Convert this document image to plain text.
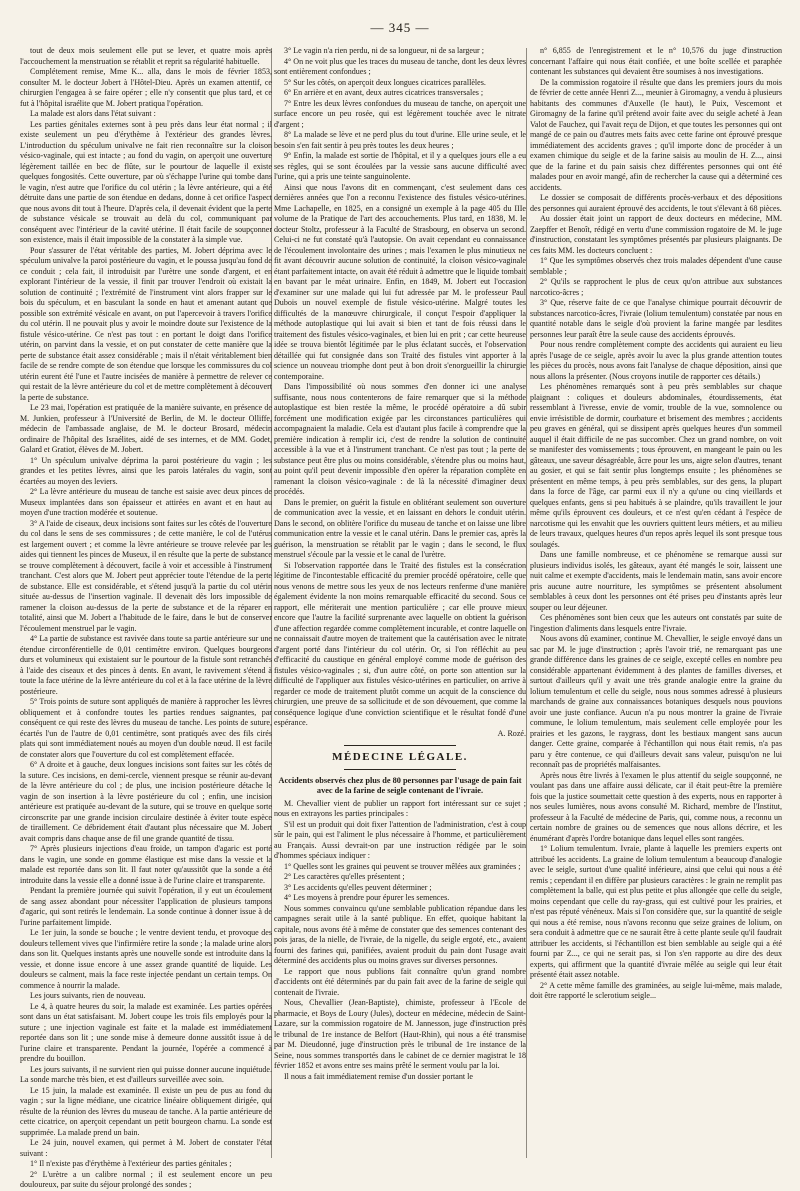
— 345 —

tout de deux mois seulement elle put se lever, et quatre mois après l'accouchement la menstruation se rétablit et reprit sa régularité habituelle.

Complétement remise, Mme K... alla, dans le mois de février 1853, consulter M. le docteur Jobert à l'Hôtel-Dieu. Après un examen attentif, ce chirurgien l'engagea à se faire opérer ; elle n'y consentit que plus tard, et ce fut à l'hôpital israélite que M. Jobert pratiqua l'opération.

La malade est alors dans l'état suivant :

Les parties génitales externes sont à peu près dans leur état normal ; il existe seulement un peu d'érythème à l'extérieur des grandes lèvres. L'introduction du spéculum univalve ne fait rien reconnaître sur la cloison vésico-vaginale, qui est intacte ; au fond du vagin, on aperçoit une ouverture légèrement taillée en bec de flûte, sur le pourtour de laquelle il existe quelques fongosités. Cette ouverture, par où s'échappe l'urine qui tombe dans le vagin, n'est autre que l'orifice du col utérin ; la lèvre antérieure, qui a été détruite dans une partie de son étendue en dedans, donne à cet orifice l'aspect que nous avons dit tout à l'heure. D'après cela, il devenait évident que la perte de substance vésicale se trouvait au delà du col, communiquant par conséquent avec l'intérieur de la cavité utérine. Il était facile de soupçonner son existence, mais il était impossible de la constater à la simple vue.

Pour s'assurer de l'état véritable des parties, M. Jobert déprima avec le spéculum univalve la paroi postérieure du vagin, et le poussa jusqu'au fond de ce conduit ; cela fait, il introduisit par l'urètre une sonde d'argent, et en explorant l'intérieur de la vessie, il finit par trouver l'endroit où existait la solution de continuité ; l'extrémité de l'instrument vint alors frapper sur le bois du spéculum, et en basculant la sonde en haut et amenant autant que possible son extrémité vésicale en avant, on put l'apercevoir à travers l'orifice du col utérin. Il ne pouvait plus y avoir le moindre doute sur l'existence de la fistule vésico-utérine. Ce n'est pas tout : en portant le doigt dans l'orifice utérin, on parvint dans la vessie, et on put constater de cette manière que la perte de substance était assez considérable ; mais il n'était véritablement bien facile de se rendre compte de son étendue que lorsque les commissures du col utérin eurent été l'une et l'autre incisées de manière à permettre de relever ce qui restait de la lèvre antérieure du col et de mettre complètement à découvert la perte de substance.

Le 23 mai, l'opération est pratiquée de la manière suivante, en présence de M. Junkien, professeur à l'Université de Berlin, de M. le docteur Olliffe, médecin de l'ambassade anglaise, de M. le docteur Brosard, médecin ordinaire de l'hôpital des Israélites, aidé de ses internes, et de MM. Godet, Galard et Gratiot, élèves de M. Jobert.

1° Un spéculum univalve déprima la paroi postérieure du vagin ; les grandes et les petites lèvres, ainsi que les parois latérales du vagin, sont écartées au moyen des leviers.

2° La lèvre antérieure du museau de tanche est saisie avec deux pinces de Museux implantées dans son épaisseur et attirées en avant et en haut au moyen d'une traction modérée et soutenue.

3° A l'aide de ciseaux, deux incisions sont faites sur les côtés de l'ouverture du col dans le sens de ses commissures ; de cette manière, le col de l'utérus est largement ouvert ; et comme la lèvre antérieure se trouve relevée par les aides qui tiennent les pinces de Museux, il en résulte que la perte de substance se trouve complètement à découvert, facile à voir et accessible à l'instrument tranchant. C'est alors que M. Jobert peut apprécier toute l'étendue de la perte de substance. Elle est considérable, et s'étend jusqu'à la partie du col utérin située au-dessus de l'insertion vaginale. Il devenait dès lors impossible de ramener la cloison au-dessus de la perte de substance et de la réparer en totalité, ainsi que M. Jobert a l'habitude de le faire, dans le but de conserver l'écoulement menstruel par le vagin.

4° La partie de substance est ravivée dans toute sa partie antérieure sur une étendue circonférentielle de 0,01 centimètre environ. Quelques bourgeons durs et volumineux qui existaient sur le pourtour de la fistule sont retranchés à l'aide des ciseaux et des pinces à dents. En avant, le ravivement s'étend à toute la face utérine de la lèvre antérieure du col et à la face utérine de la lèvre postérieure.

5° Trois points de suture sont appliqués de manière à rapprocher les lèvres obliquement et à confondre toutes les parties rendues saignantes, par conséquent ce qui reste des lèvres du museau de tanche. Les points de suture, écartés l'un de l'autre de 0,01 centimètre, sont pratiqués avec des fils cirés plats qui sont immédiatement noués au moyen d'un double nœud. Il est facile de constater alors que l'ouverture du col est complètement effacée.

6° A droite et à gauche, deux longues incisions sont faites sur les côtés de la suture. Ces incisions, en demi-cercle, viennent presque se réunir au-devant de la lèvre antérieure du col ; de plus, une incision postérieure détache le vagin de son insertion à la lèvre postérieure du col ; enfin, une incision antérieure est pratiquée au-devant de la suture, qui se trouve en quelque sorte circonscrite par une grande incision circulaire destinée à éviter toute espèce de tiraillement. Ce débridement était d'autant plus nécessaire que M. Jobert avait compris dans chaque anse de fil une grande quantité de tissu.

7° Après plusieurs injections d'eau froide, un tampon d'agaric est porté dans le vagin, une sonde en gomme élastique est mise dans la vessie et la malade est reportée dans son lit. Il faut noter qu'aussitôt que la sonde a été introduite dans la vessie elle a donné issue à de l'urine claire et transparente.

Pendant la première journée qui suivit l'opération, il y eut un écoulement de sang assez abondant pour nécessiter l'application de plusieurs tampons d'agaric, qui sont retirés le lendemain. La sonde continue à donner issue à de l'urine parfaitement limpide.

Le 1er juin, la sonde se bouche ; le ventre devient tendu, et provoque des douleurs tellement vives que l'infirmière retire la sonde ; la malade urine alors dans son lit. Quelques instants après une nouvelle sonde est introduite dans la vessie, et donne issue encore à une assez grande quantité de liquide. Les douleurs se calment, mais la face reste injectée pendant un certain temps. On commence à nourrir la malade.

Les jours suivants, rien de nouveau.

Le 4, à quatre heures du soir, la malade est examinée. Les parties opérées sont dans un état satisfaisant. M. Jobert coupe les trois fils employés pour la suture ; une injection vaginale est faite et la malade est immédiatement reportée dans son lit ; une sonde mise à demeure donne aussitôt issue à de l'urine claire et transparente. Pendant la journée, l'opérée a commencé à prendre du bouillon.

Les jours suivants, il ne survient rien qui puisse donner aucune inquiétude. La sonde marche très bien, et est d'ailleurs surveillée avec soin.

Le 15 juin, la malade est examinée. Il existe un peu de pus au fond du vagin ; sur la ligne médiane, une cicatrice linéaire obliquement dirigée, qui résulte de la réunion des lèvres du museau de tanche. A la partie antérieure de cette cicatrice, on aperçoit cependant un petit bourgeon charnu. La sonde est supprimée. La malade prend un bain.

Le 24 juin, nouvel examen, qui permet à M. Jobert de constater l'état suivant :

1° Il n'existe pas d'érythème à l'extérieur des parties génitales ;

2° L'urètre a un calibre normal ; il est seulement encore un peu douloureux, par suite du séjour prolongé des sondes ;

3° Le vagin n'a rien perdu, ni de sa longueur, ni de sa largeur ;

4° On ne voit plus que les traces du museau de tanche, dont les deux lèvres sont entièrement confondues ;

5° Sur les côtés, on aperçoit deux longues cicatrices parallèles.

6° En arrière et en avant, deux autres cicatrices transversales ;

7° Entre les deux lèvres confondues du museau de tanche, on aperçoit une surface encore un peu rosée, qui est légèrement touchée avec le nitrate d'argent ;

8° La malade se lève et ne perd plus du tout d'urine. Elle urine seule, et le besoin s'en fait sentir à peu près toutes les deux heures ;

9° Enfin, la malade est sortie de l'hôpital, et il y a quelques jours elle a eu ses règles, qui se sont écoulées par la vessie sans aucune difficulté avec l'urine, qui a pris une teinte sanguinolente.

Ainsi que nous l'avons dit en commençant, c'est seulement dans ces dernières années que l'on a reconnu l'existence des fistules vésico-utérines. Mme Lachapelle, en 1825, en a consigné un exemple à la page 405 du IIIe volume de la Pratique de l'art des accouchements. Plus tard, en 1838, M. le docteur Stoltz, professeur à la Faculté de Strasbourg, en observa un second. Celui-ci ne fut constaté qu'à l'autopsie. On avait cependant eu connaissance de l'écoulement involontaire des urines ; mais l'examen le plus minutieux ne fit avant découvrir aucune solution de continuité, la cloison vésico-vaginale étant parfaitement intacte, on avait été réduit à admettre que le liquide tombait en bavant par le méat urinaire. Enfin, en 1849, M. Jobert eut l'occasion d'examiner sur une malade qui lui fut adressée par M. le professeur Paul Dubois un nouvel exemple de fistule vésico-utérine. Malgré toutes les difficultés de la manœuvre chirurgicale, il conçut l'espoir d'appliquer la méthode autoplastique qui lui avait si bien et tant de fois réussi dans le traitement des fistules vésico-vaginales, et bien lui en prit ; car cette heureuse idée se trouva bientôt légitimée par le plus éclatant succès, et l'observation détaillée qui fut consignée dans son Traité des fistules vint apporter à la science un nouveau triomphe dont peut à bon droit s'enorgueillir la chirurgie contemporaine.

Dans l'impossibilité où nous sommes d'en donner ici une analyse suffisante, nous nous contenterons de faire remarquer que si la méthode autoplastique est bien restée la même, le procédé opératoire a dû subir forcément une modification exigée par les circonstances particulières qui accompagnaient la maladie. Cela est d'autant plus facile à comprendre que la première indication à remplir ici, c'est de rendre la solution de continuité accessible à la vue et à l'instrument tranchant. Ce n'est pas tout ; la perte de substance peut être plus ou moins considérable, s'étendre plus ou moins haut, au point qu'il peut devenir impossible d'en opérer la réparation complète en ramenant la cloison vésico-vaginale : de là la nécessité d'imaginer deux procédés.

Dans le premier, on guérit la fistule en oblitérant seulement son ouverture de communication avec la vessie, et en laissant en dehors le conduit utérin. Dans le second, on oblitère l'orifice du museau de tanche et on laisse une libre communication entre la vessie et le canal utérin. Dans le premier cas, après la guérison, la menstruation se rétablit par le vagin ; dans le second, le flux menstruel s'écoule par la vessie et le canal de l'urètre.

Si l'observation rapportée dans le Traité des fistules est la consécration légitime de l'incontestable efficacité du premier procédé opératoire, celle que nous venons de mettre sous les yeux de nos lecteurs renferme d'une manière également évidente la non moins remarquable efficacité du second. Sous ce rapport, elle mériterait une mention particulière ; car elle prouve mieux encore que l'autre la facilité surprenante avec laquelle on obtient la guérison d'une affection regardée comme complètement incurable, et contre laquelle on ne connaissait d'autre moyen de traitement que la cautérisation avec le nitrate d'argent porté dans l'intérieur du col utérin. Or, si l'on réfléchit au peu d'efficacité du caustique en général employé comme mode de guérison des fistules vésico-vaginales ; si, d'un autre côté, on porte son attention sur la difficulté de l'appliquer aux fistules vésico-utérines en particulier, on arrive à regarder ce mode de traitement plutôt comme un acquit de la conscience du chirurgien, une preuve de sa sollicitude et de son dévouement, que comme la conséquence logique d'une conviction scientifique et le résultat fondé d'une espérance.

A. Rozé.

MÉDECINE LÉGALE.
Accidents observés chez plus de 80 personnes par l'usage de pain fait avec de la farine de seigle contenant de l'ivraie.

M. Chevallier vient de publier un rapport fort intéressant sur ce sujet ; nous en extrayons les parties principales :

S'il est un produit qui doit fixer l'attention de l'administration, c'est à coup sûr le pain, qui est l'aliment le plus nécessaire à l'homme, et particulièrement au Français. Aussi devrait-on par une instruction rédigée par le soin d'hommes spéciaux indiquer :

1° Quelles sont les graines qui peuvent se trouver mêlées aux graminées ;

2° Les caractères qu'elles présentent ;

3° Les accidents qu'elles peuvent déterminer ;

4° Les moyens à prendre pour épurer les semences.

Nous sommes convaincu qu'une semblable publication répandue dans les campagnes serait utile à la santé publique. En effet, quoique habitant la capitale, nous avons été à même de constater que des semences contenant des pois jaras, de la nielle, de l'ivraie, de la nigelle, du seigle ergoté, etc., avaient fourni des farines qui, panifiées, avaient produit du pain dont l'usage avait déterminé des accidents plus ou moins graves sur diverses personnes.

Le rapport que nous publions fait connaître qu'un grand nombre d'accidents ont été déterminés par du pain fait avec de la farine de seigle qui contenait de l'ivraie.

Nous, Chevallier (Jean-Baptiste), chimiste, professeur à l'Ecole de pharmacie, et Boys de Loury (Jules), docteur en médecine, médecin de Saint-Lazare, sur la commission rogatoire de M. Jannesson, juge d'instruction près le tribunal de 1re instance de Belfort (Haut-Rhin), qui nous a été transmise par M. Dieudonné, juge d'instruction près le tribunal de 1re instance de la Seine, nous sommes transportés dans le cabinet de ce dernier magistrat le 18 février 1852 et avons entre ses mains prêté le serment voulu par la loi.

Il nous a fait immédiatement remise d'un dossier portant le

n° 6,855 de l'enregistrement et le n° 10,576 du juge d'instruction concernant l'affaire qui nous était confiée, et une boîte scellée et paraphée contenant les substances qui devaient être soumises à nos investigations.

De la commission rogatoire il résulte que dans les premiers jours du mois de février de cette année Henri Z..., meunier à Giromagny, a vendu à plusieurs habitants des communes d'Auxelle (le haut), le Puix, Vescemont et Giromagny de la farine qu'il prétend avoir faite avec du seigle acheté à Jean Valot de Fauchez, qui l'avait reçu de Dijon, et que toutes les personnes qui ont mangé de ce pain ou d'autres mets faits avec cette farine ont éprouvé presque immédiatement des accidents graves ; qu'il importe donc de procéder à un examen chimique du seigle et de la farine saisis au moulin de H. Z..., ainsi que de la farine et du pain saisis chez différentes personnes qui ont été malades pour en avoir mangé, afin de rechercher la cause qui a déterminé ces accidents.

Le dossier se composait de différents procès-verbaux et des dépositions des personnes qui auraient éprouvé des accidents, le tout s'élevant à 68 pièces.

Au dossier était joint un rapport de deux docteurs en médecine, MM. Zaepffer et Benoît, rédigé en vertu d'une commission rogatoire de M. le juge d'instruction, constatant les symptômes présentés par plusieurs plaignants. De ces faits MM. les docteurs concluent :

1° Que les symptômes observés chez trois malades dépendent d'une cause semblable ;

2° Qu'ils se rapprochent le plus de ceux qu'on attribue aux substances narcotico-âcres ;

3° Que, réserve faite de ce que l'analyse chimique pourrait découvrir de substances narcotico-âcres, l'ivraie (lolium temulentum) constatée par nous en quantité notable dans le seigle d'où provient la farine mangée par lesdites personnes leur paraît être la seule cause des accidents éprouvés.

Pour nous rendre complètement compte des accidents qui auraient eu lieu après l'usage de ce seigle, après avoir lu avec la plus grande attention toutes les pièces du procès, nous avons fait l'analyse de chaque déposition, ainsi que nous allons la présenter. (Nous croyons inutile de rapporter ces détails.)

Les phénomènes remarqués sont à peu près semblables sur chaque plaignant : coliques et douleurs abdominales, étourdissements, état ressemblant à l'ivresse, envie de vomir, trouble de la vue, somnolence ou envie irrésistible de dormir, courbature et brisement des membres ; accidents peu graves en général, qui se dissipent après quelques heures d'un sommeil auquel il était difficile de ne pas succomber. Chez un grand nombre, on voit se manifester des vomissements ; tous éprouvent, en mangeant le pain ou les gâteaux, une saveur désagréable, âcre pour les uns, aigre selon d'autres, tenant au gosier, et qui se fait sentir plus longtemps ensuite ; les phénomènes se présentent en même temps, à peu près semblables, sur des gens, la plupart dans la force de l'âge, car parmi eux il n'y a qu'une ou cinq vieillards et quelques enfants, gens si peu habitués à se plaindre, qu'ils travaillent le jour même qu'ils éprouvent ces douleurs, et ce n'est qu'en cédant à l'espèce de narcotisme qui les envahit que les ouvriers quittent leurs métiers, et au milieu de leurs travaux, quelques heures d'un repos après lequel ils sont presque tous soulagés.

Dans une famille nombreuse, et ce phénomène se remarque aussi sur plusieurs individus isolés, les gâteaux, ayant été mangés le soir, laissent une nuit calme et exempte d'accidents, mais le lendemain matin, sans avoir encore pris aucune autre nourriture, les symptômes se présentent absolument semblables à ceux dont les personnes ont été prises peu d'instants après leur souper ou leur déjeuner.

Ces phénomènes sont bien ceux que les auteurs ont constatés par suite de l'ingestion d'aliments dans lesquels entre l'ivraie.

Nous avons dû examiner, continue M. Chevallier, le seigle envoyé dans un sac par M. le juge d'instruction ; après l'avoir trié, ne remarquant pas une grande différence dans les graines de ce seigle, excepté celles en nombre peu considérable appartenant évidemment à des plantes de familles diverses, et surtout d'ailleurs qu'il y avait une très grande analogie entre la graine du lolium temulentum et celle du seigle, nous nous sommes adressé à plusieurs marchands de graine aux connaissances botaniques desquels nous pouvions avoir une juste confiance. Aucun n'a pu nous montrer la graine de l'ivraie commune, le lolium temulentum, mais seulement celle employée pour les prairies et les gazons, le raygrass, dont les bestiaux mangent sans aucun danger. Cette graine, comparée à l'échantillon qui nous était remis, n'a pas paru y être contenue, ce qui d'ailleurs devait sans valeur, puisqu'on ne lui reconnaît pas de propriétés malfaisantes.

Après nous être livrés à l'examen le plus attentif du seigle soupçonné, ne voulant pas dans une affaire aussi délicate, car il était peut-être la première fois que la justice soumettait cette question à des experts, nous en rapporter à nos seules lumières, nous avons consulté M. Richard, membre de l'Institut, professeur à la Faculté de médecine de Paris, qui, comme nous, a reconnu un certain nombre de graines ou de semences que nous allons décrire, et les énumérant d'après l'ordre botanique dans lequel elles sont rangées.

1° Lolium temulentum. Ivraie, plante à laquelle les premiers experts ont attribué les accidents. La graine de lolium temulentum a beaucoup d'analogie avec le seigle, surtout d'une qualité inférieure, ainsi que celui qui nous a été remis ; cependant il en diffère par plusieurs caractères : le grain ne remplit pas complètement la balle, qui est plus petite et plus allongée que celle du seigle, moins cependant que celle du ray-grass, qui est cultivé pour les prairies, et n'est pas réputé vénéneux. Mais si l'on considère que, sur la quantité de seigle qui nous a été remise, nous n'avons reconnu que seize graines de lolium, on sera conduit à admettre que ce ne saurait être à cette plante seule qu'il faudrait attribuer les accidents, si l'échantillon est bien semblable au seigle qui a été fourni par Z..., ce qui ne serait pas, si l'on s'en rapporte au dire des deux experts, qui affirment que la quantité d'ivraie mêlée au seigle qui leur était présenté était assez notable.

2° A cette même famille des graminées, au seigle lui-même, mais malade, doit être rapporté le sclerotium seigle...
